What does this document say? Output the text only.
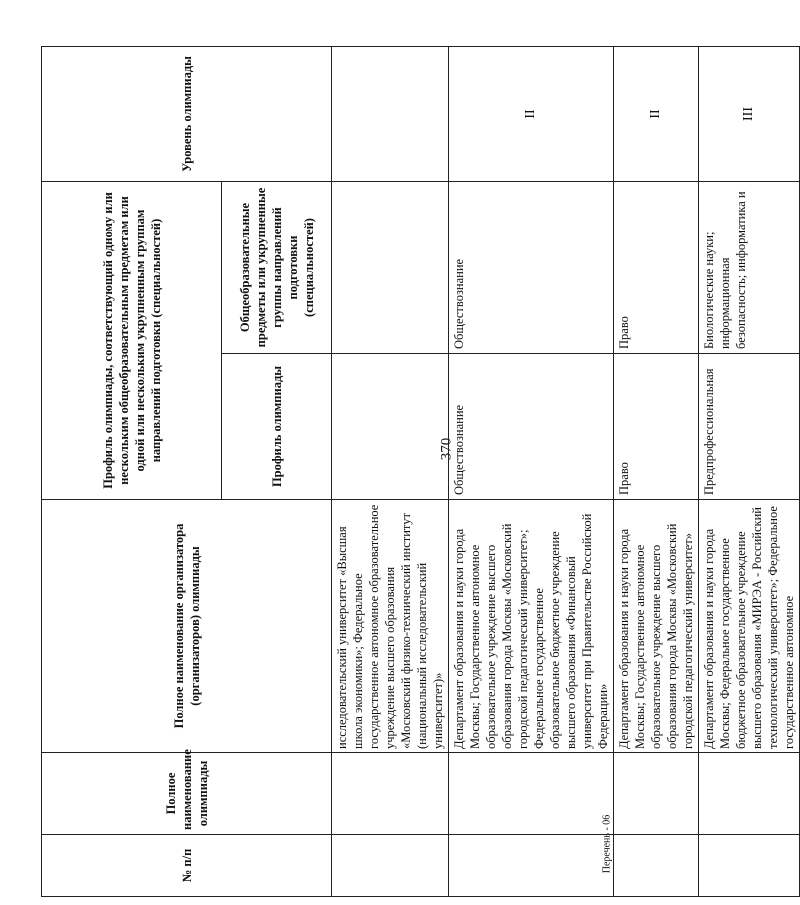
370
Перечень - 06
№ п/п	Полное наименование олимпиады	Полное наименование организатора (организаторов) олимпиады	Профиль олимпиады, соответствующий одному или нескольким общеобразовательным предметам или одной или нескольким укрупненным группам направлений подготовки (специальностей)		Уровень олимпиады
			Профиль олимпиады	Общеобразовательные предметы или укрупненные группы направлений подготовки (специальностей)	
		исследовательский университет «Высшая школа экономики»; Федеральное государственное автономное образовательное учреждение высшего образования «Московский физико-технический институт (национальный исследовательский университет)»			
		Департамент образования и науки города Москвы; Государственное автономное образовательное учреждение высшего образования города Москвы «Московский городской педагогический университет»; Федеральное государственное образовательное бюджетное учреждение высшего образования «Финансовый университет при Правительстве Российской Федерации»	Обществознание	Обществознание	II
		Департамент образования и науки города Москвы; Государственное автономное образовательное учреждение высшего образования города Москвы «Московский городской педагогический университет»	Право	Право	II
		Департамент образования и науки города Москвы; Федеральное государственное бюджетное образовательное учреждение высшего образования «МИРЭА - Российский технологический университет»; Федеральное государственное автономное	Предпрофессиональная	Биологические науки; информационная безопасность; информатика и	III
